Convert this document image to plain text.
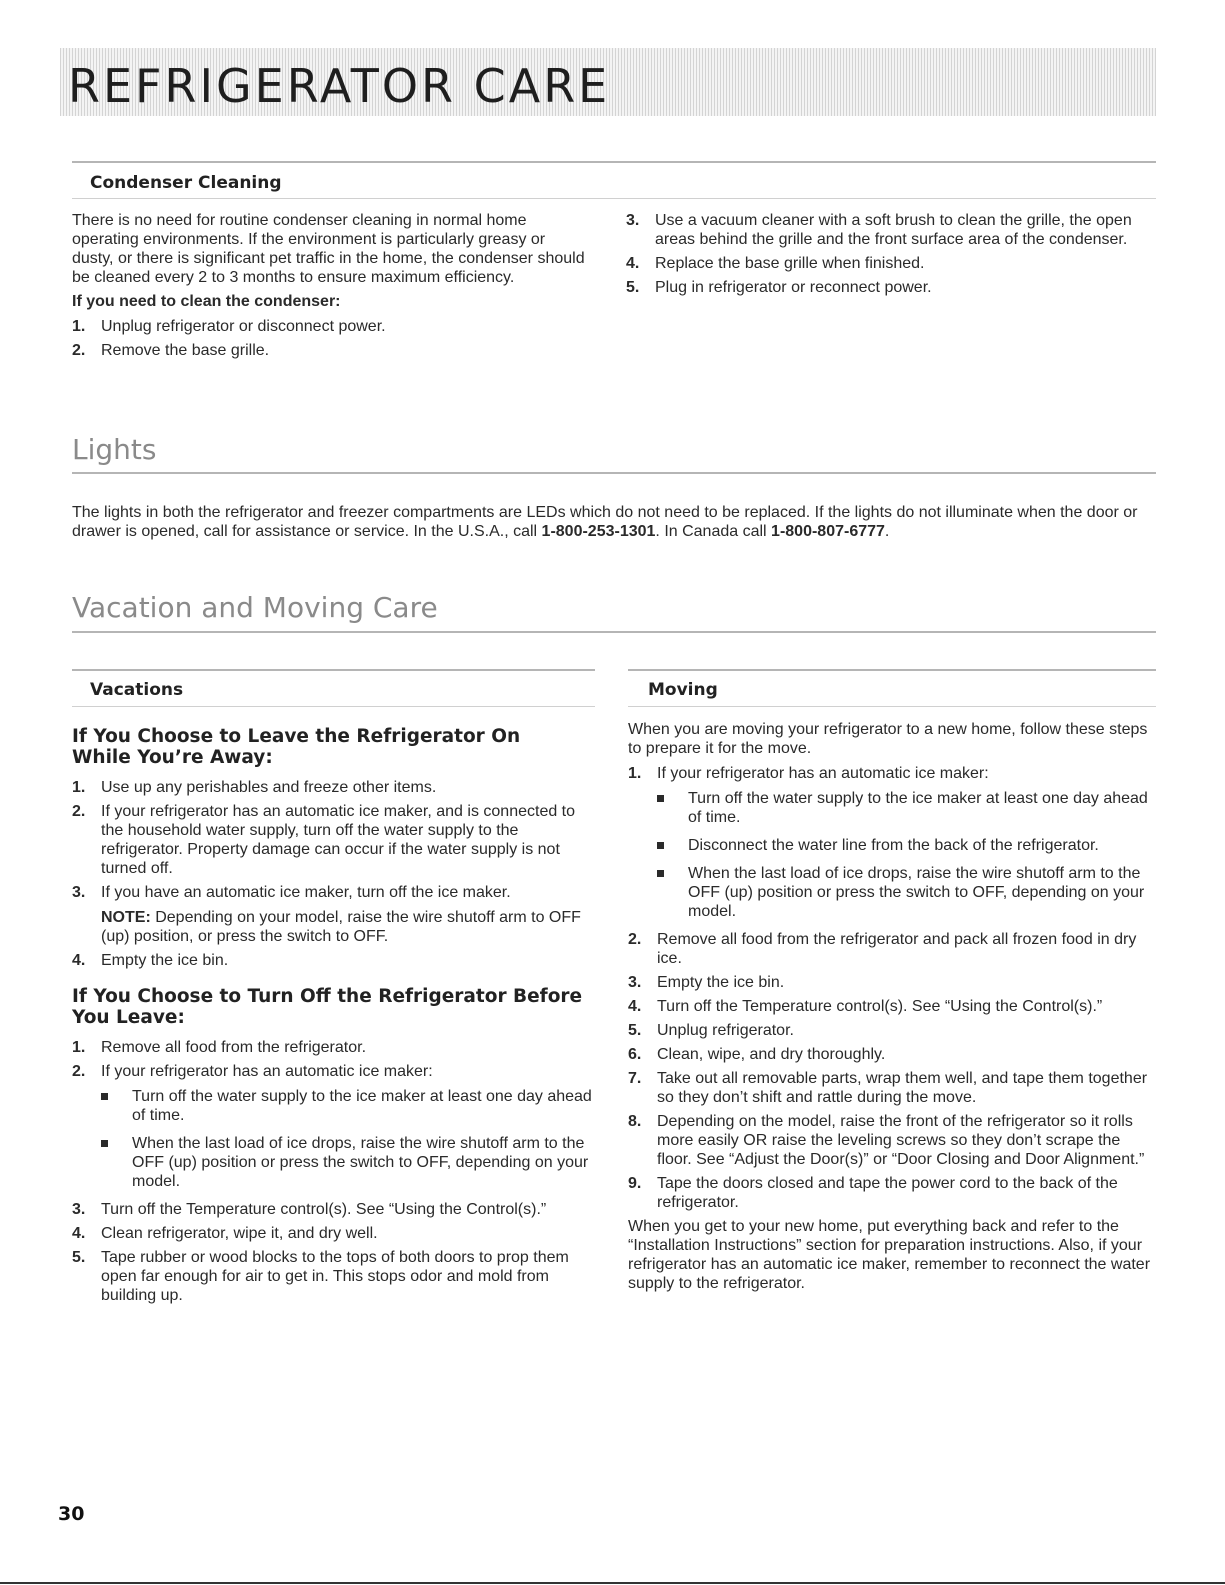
REFRIGERATOR CARE
Condenser Cleaning

There is no need for routine condenser cleaning in normal home operating environments. If the environment is particularly greasy or dusty, or there is significant pet traffic in the home, the condenser should be cleaned every 2 to 3 months to ensure maximum efficiency.

If you need to clean the condenser:

1. Unplug refrigerator or disconnect power.
2. Remove the base grille.
3. Use a vacuum cleaner with a soft brush to clean the grille, the open areas behind the grille and the front surface area of the condenser.
4. Replace the base grille when finished.
5. Plug in refrigerator or reconnect power.
Lights

The lights in both the refrigerator and freezer compartments are LEDs which do not need to be replaced. If the lights do not illuminate when the door or drawer is opened, call for assistance or service. In the U.S.A., call 1-800-253-1301. In Canada call 1-800-807-6777.

Vacation and Moving Care
Vacations
If You Choose to Leave the Refrigerator On While You’re Away:
1. Use up any perishables and freeze other items.
2. If your refrigerator has an automatic ice maker, and is connected to the household water supply, turn off the water supply to the refrigerator. Property damage can occur if the water supply is not turned off.
3. If you have an automatic ice maker, turn off the ice maker.

NOTE: Depending on your model, raise the wire shutoff arm to OFF (up) position, or press the switch to OFF.

4. Empty the ice bin.
If You Choose to Turn Off the Refrigerator Before You Leave:
1. Remove all food from the refrigerator.
2. If your refrigerator has an automatic ice maker:
Turn off the water supply to the ice maker at least one day ahead of time.
When the last load of ice drops, raise the wire shutoff arm to the OFF (up) position or press the switch to OFF, depending on your model.
3. Turn off the Temperature control(s). See “Using the Control(s).”
4. Clean refrigerator, wipe it, and dry well.
5. Tape rubber or wood blocks to the tops of both doors to prop them open far enough for air to get in. This stops odor and mold from building up.
Moving

When you are moving your refrigerator to a new home, follow these steps to prepare it for the move.

1. If your refrigerator has an automatic ice maker:
Turn off the water supply to the ice maker at least one day ahead of time.
Disconnect the water line from the back of the refrigerator.
When the last load of ice drops, raise the wire shutoff arm to the OFF (up) position or press the switch to OFF, depending on your model.
2. Remove all food from the refrigerator and pack all frozen food in dry ice.
3. Empty the ice bin.
4. Turn off the Temperature control(s). See “Using the Control(s).”
5. Unplug refrigerator.
6. Clean, wipe, and dry thoroughly.
7. Take out all removable parts, wrap them well, and tape them together so they don’t shift and rattle during the move.
8. Depending on the model, raise the front of the refrigerator so it rolls more easily OR raise the leveling screws so they don’t scrape the floor. See “Adjust the Door(s)” or “Door Closing and Door Alignment.”
9. Tape the doors closed and tape the power cord to the back of the refrigerator.

When you get to your new home, put everything back and refer to the “Installation Instructions” section for preparation instructions. Also, if your refrigerator has an automatic ice maker, remember to reconnect the water supply to the refrigerator.

30
